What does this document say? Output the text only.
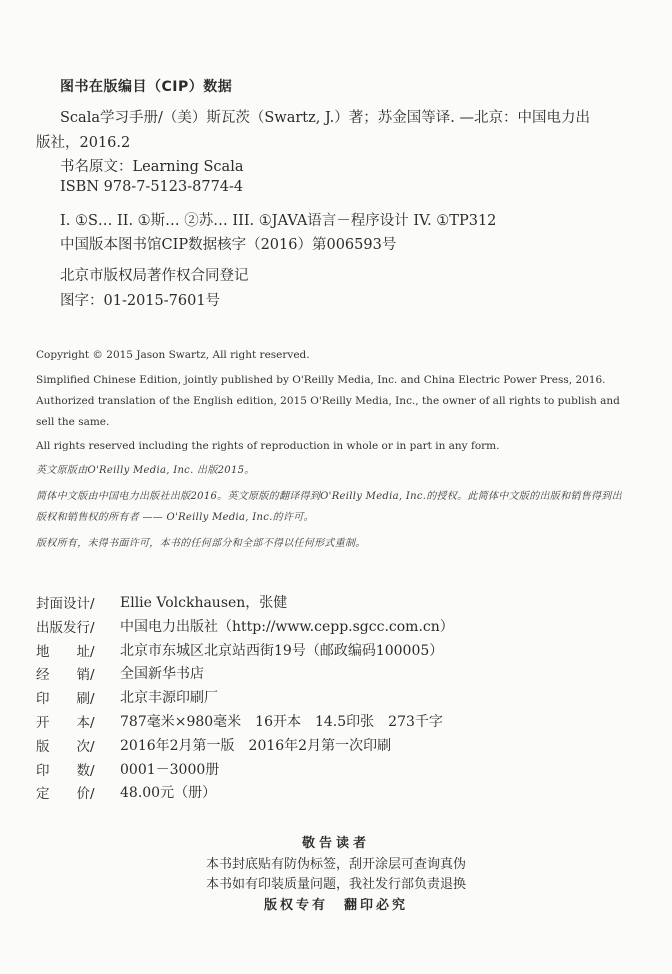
图书在版编目（CIP）数据
Scala学习手册/（美）斯瓦茨（Swartz, J.）著；苏金国等译. —北京：中国电力出
版社，2016.2
书名原文：Learning Scala
ISBN 978-7-5123-8774-4
I. ①S… II. ①斯… ②苏… III. ①JAVA语言－程序设计 IV. ①TP312
中国版本图书馆CIP数据核字（2016）第006593号
北京市版权局著作权合同登记
图字：01-2015-7601号
Copyright © 2015 Jason Swartz, All right reserved.
Simplified Chinese Edition, jointly published by O'Reilly Media, Inc. and China Electric Power Press, 2016. Authorized translation of the English edition, 2015 O'Reilly Media, Inc., the owner of all rights to publish and sell the same.
All rights reserved including the rights of reproduction in whole or in part in any form.
英文原版由O'Reilly Media, Inc. 出版2015。
简体中文版由中国电力出版社出版2016。英文原版的翻译得到O'Reilly Media, Inc.的授权。此简体中文版的出版和销售得到出版权和销售权的所有者 —— O'Reilly Media, Inc.的许可。
版权所有，未得书面许可，本书的任何部分和全部不得以任何形式重制。
封面设计/	Ellie Volckhausen，张健
出版发行/	中国电力出版社（http://www.cepp.sgcc.com.cn）
地　　址/	北京市东城区北京站西街19号（邮政编码100005）
经　　销/	全国新华书店
印　　刷/	北京丰源印刷厂
开　　本/	787毫米×980毫米　16开本　14.5印张　273千字
版　　次/	2016年2月第一版　2016年2月第一次印刷
印　　数/	0001－3000册
定　　价/	48.00元（册）
敬告读者
本书封底贴有防伪标签，刮开涂层可查询真伪
本书如有印装质量问题，我社发行部负责退换
版权专有　翻印必究
